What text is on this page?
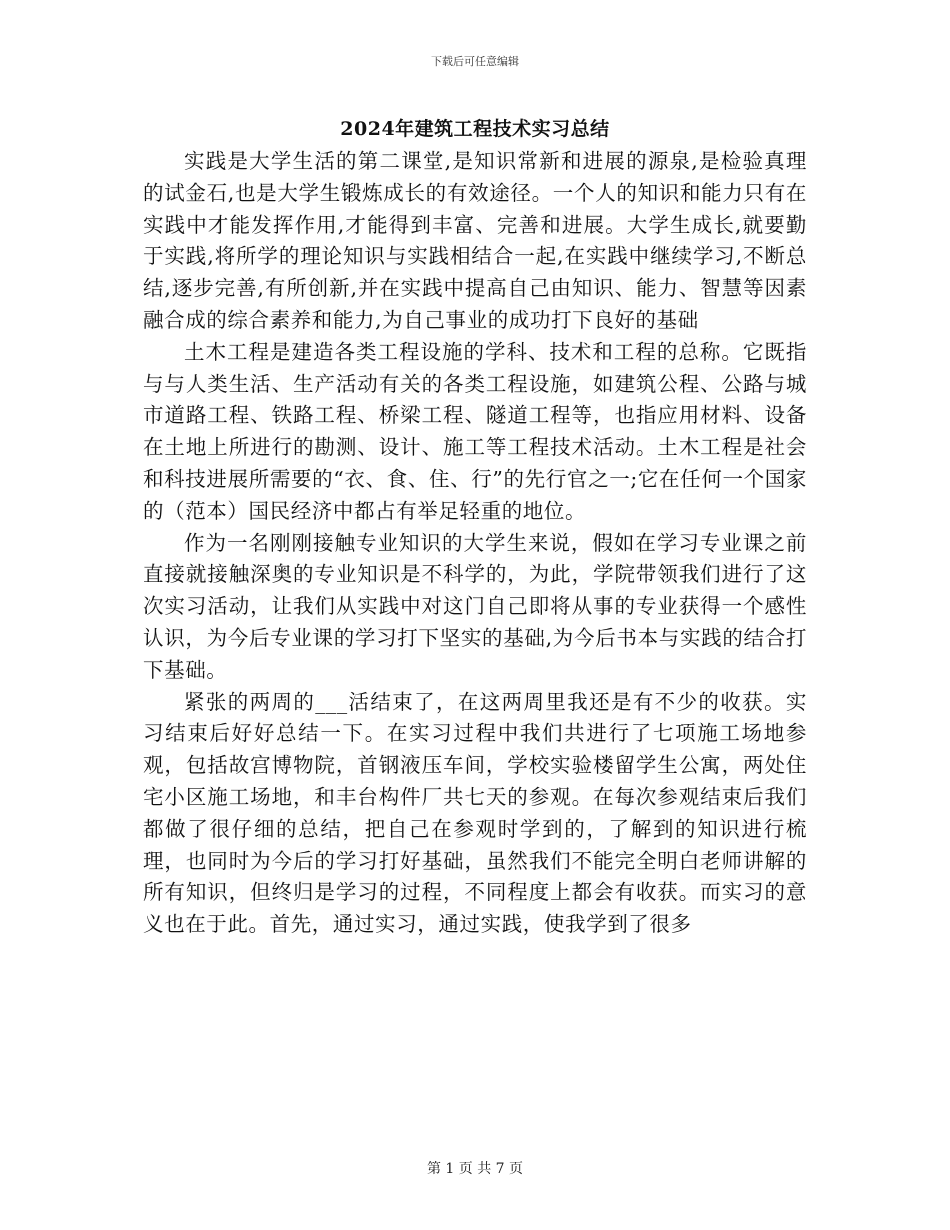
下载后可任意编辑
2024年建筑工程技术实习总结

实践是大学生活的第二课堂,是知识常新和进展的源泉,是检验真理的试金石,也是大学生锻炼成长的有效途径。一个人的知识和能力只有在实践中才能发挥作用,才能得到丰富、完善和进展。大学生成长,就要勤于实践,将所学的理论知识与实践相结合一起,在实践中继续学习,不断总结,逐步完善,有所创新,并在实践中提高自己由知识、能力、智慧等因素融合成的综合素养和能力,为自己事业的成功打下良好的基础

土木工程是建造各类工程设施的学科、技术和工程的总称。它既指与与人类生活、生产活动有关的各类工程设施，如建筑公程、公路与城市道路工程、铁路工程、桥梁工程、隧道工程等，也指应用材料、设备在土地上所进行的勘测、设计、施工等工程技术活动。土木工程是社会和科技进展所需要的“衣、食、住、行”的先行官之一;它在任何一个国家的（范本）国民经济中都占有举足轻重的地位。

作为一名刚刚接触专业知识的大学生来说，假如在学习专业课之前直接就接触深奥的专业知识是不科学的，为此，学院带领我们进行了这次实习活动，让我们从实践中对这门自己即将从事的专业获得一个感性认识，为今后专业课的学习打下坚实的基础,为今后书本与实践的结合打下基础。

紧张的两周的___活结束了，在这两周里我还是有不少的收获。实习结束后好好总结一下。在实习过程中我们共进行了七项施工场地参观，包括故宫博物院，首钢液压车间，学校实验楼留学生公寓，两处住宅小区施工场地，和丰台构件厂共七天的参观。在每次参观结束后我们都做了很仔细的总结，把自己在参观时学到的，了解到的知识进行梳理，也同时为今后的学习打好基础，虽然我们不能完全明白老师讲解的所有知识，但终归是学习的过程，不同程度上都会有收获。而实习的意义也在于此。首先，通过实习，通过实践，使我学到了很多

第 1 页 共 7 页
